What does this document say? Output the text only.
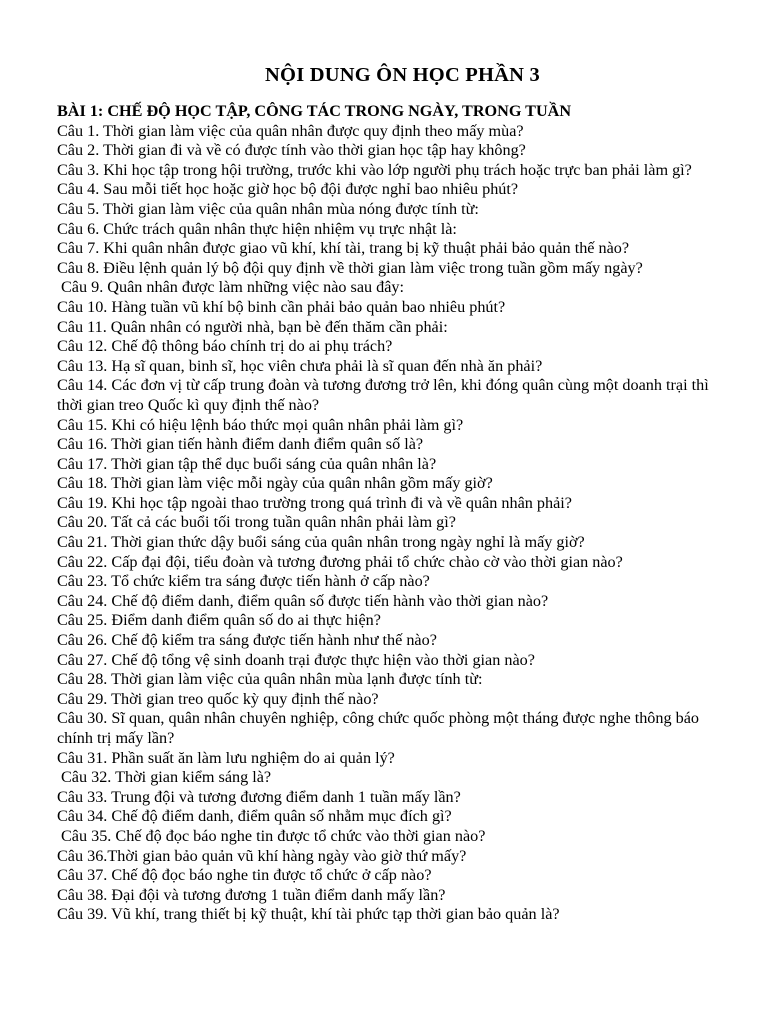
NỘI DUNG ÔN HỌC PHẦN 3
BÀI 1: CHẾ ĐỘ HỌC TẬP, CÔNG TÁC TRONG NGÀY, TRONG TUẦN
Câu 1. Thời gian làm việc của quân nhân được quy định theo mấy mùa?
Câu 2. Thời gian đi và về có được tính vào thời gian học tập hay không?
Câu 3. Khi học tập trong hội trường, trước khi vào lớp người phụ trách hoặc trực ban phải làm gì?
Câu 4. Sau mỗi tiết học hoặc giờ học bộ đội được nghỉ bao nhiêu phút?
Câu 5. Thời gian làm việc của quân nhân mùa nóng được tính từ:
Câu 6. Chức trách quân nhân thực hiện nhiệm vụ trực nhật là:
Câu 7. Khi quân nhân được giao vũ khí, khí tài, trang bị kỹ thuật phải bảo quản thế nào?
Câu 8. Điều lệnh quản lý bộ đội quy định về thời gian làm việc trong tuần gồm mấy ngày?
Câu 9. Quân nhân được làm những việc nào sau đây:
Câu 10. Hàng tuần vũ khí bộ binh cần phải bảo quản bao nhiêu phút?
Câu 11. Quân nhân có người nhà, bạn bè đến thăm cần phải:
Câu 12. Chế độ thông báo chính trị do ai phụ trách?
Câu 13. Hạ sĩ quan, binh sĩ, học viên chưa phải là sĩ quan đến nhà ăn phải?
Câu 14. Các đơn vị từ cấp trung đoàn và tương đương trở lên, khi đóng quân cùng một doanh trại thì thời gian treo Quốc kì quy định thế nào?
Câu 15. Khi có hiệu lệnh báo thức mọi quân nhân phải làm gì?
Câu 16. Thời gian tiến hành điểm danh điểm quân số là?
Câu 17. Thời gian tập thể dục buổi sáng của quân nhân là?
Câu 18. Thời gian làm việc mỗi ngày của quân nhân gồm mấy giờ?
Câu 19. Khi học tập ngoài thao trường trong quá trình đi và về quân nhân phải?
Câu 20. Tất cả các buổi tối trong tuần quân nhân phải làm gì?
Câu 21. Thời gian thức dậy buổi sáng của quân nhân trong ngày nghỉ là mấy giờ?
Câu 22. Cấp đại đội, tiểu đoàn và tương đương phải tổ chức chào cờ vào thời gian nào?
Câu 23. Tổ chức kiểm tra sáng được tiến hành ở cấp nào?
Câu 24. Chế độ điểm danh, điểm quân số được tiến hành vào thời gian nào?
Câu 25. Điểm danh điểm quân số do ai thực hiện?
Câu 26. Chế độ kiểm tra sáng được tiến hành như thế nào?
Câu 27. Chế độ tổng vệ sinh doanh trại được thực hiện vào thời gian nào?
Câu 28. Thời gian làm việc của quân nhân mùa lạnh được tính từ:
Câu 29. Thời gian treo quốc kỳ quy định thế nào?
Câu 30. Sĩ quan, quân nhân chuyên nghiệp, công chức quốc phòng một tháng được nghe thông báo chính trị mấy lần?
Câu 31. Phần suất ăn làm lưu nghiệm do ai quản lý?
Câu 32. Thời gian kiểm sáng là?
Câu 33. Trung đội và tương đương điểm danh 1 tuần mấy lần?
Câu 34. Chế độ điểm danh, điểm quân số nhằm mục đích gì?
Câu 35. Chế độ đọc báo nghe tin được tổ chức vào thời gian nào?
Câu 36.Thời gian bảo quản vũ khí hàng ngày vào giờ thứ mấy?
Câu 37. Chế độ đọc báo nghe tin được tổ chức ở cấp nào?
Câu 38. Đại đội và tương đương 1 tuần điểm danh mấy lần?
Câu 39. Vũ khí, trang thiết bị kỹ thuật, khí tài phức tạp thời gian bảo quản là?
